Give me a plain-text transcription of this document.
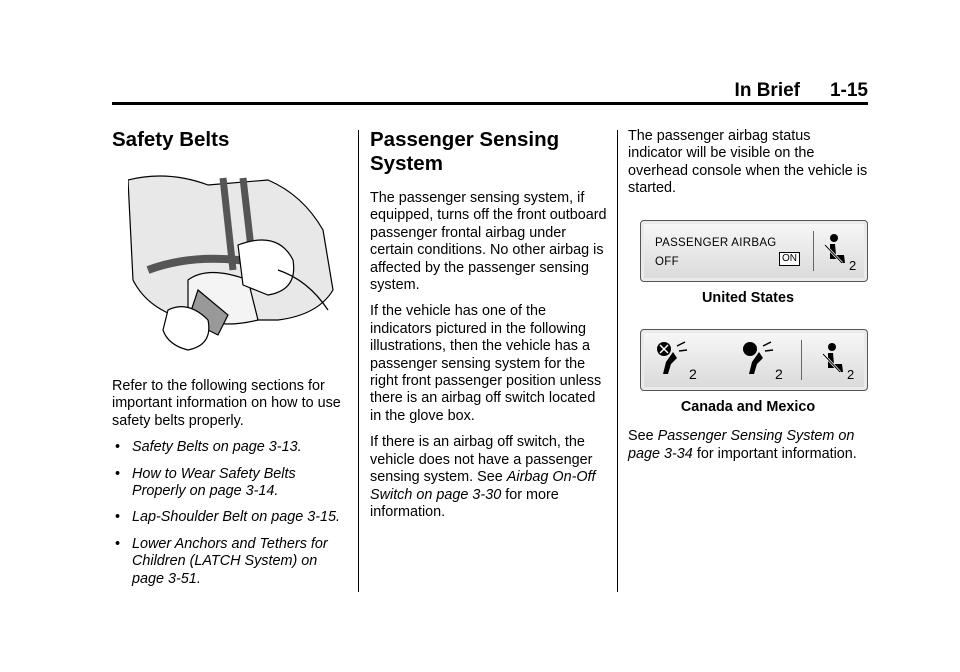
In Brief 1-15
Safety Belts

Refer to the following sections for important information on how to use safety belts properly.

• Safety Belts on page 3-13.
• How to Wear Safety Belts Properly on page 3-14.
• Lap-Shoulder Belt on page 3-15.
• Lower Anchors and Tethers for Children (LATCH System) on page 3-51.
Passenger Sensing System

The passenger sensing system, if equipped, turns off the front outboard passenger frontal airbag under certain conditions. No other airbag is affected by the passenger sensing system.

If the vehicle has one of the indicators pictured in the following illustrations, then the vehicle has a passenger sensing system for the right front passenger position unless there is an airbag off switch located in the glove box.

If there is an airbag off switch, the vehicle does not have a passenger sensing system. See Airbag On-Off Switch on page 3-30 for more information.

The passenger airbag status indicator will be visible on the overhead console when the vehicle is started.

PASSENGER AIRBAG
OFF	ON	2
United States
2	2	2
Canada and Mexico

See Passenger Sensing System on page 3-34 for important information.
